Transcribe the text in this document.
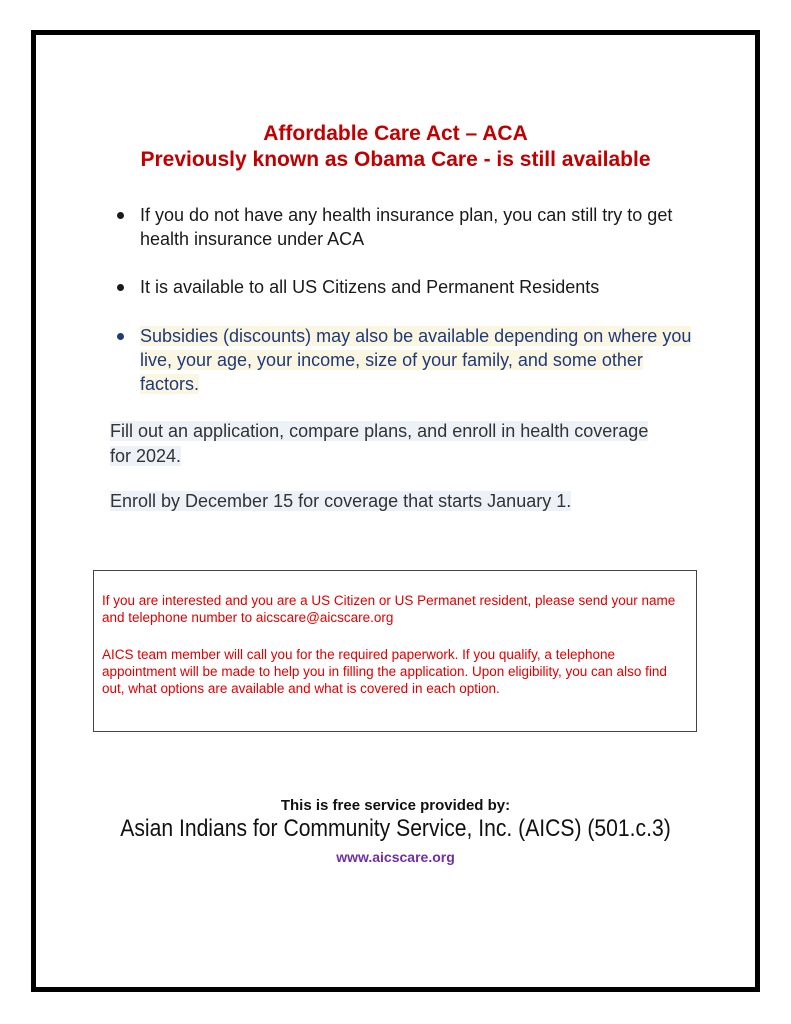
Affordable Care Act – ACA
Previously known as Obama Care - is still available
If you do not have any health insurance plan, you can still try to get health insurance under ACA
It is available to all US Citizens and Permanent Residents
Subsidies (discounts) may also be available depending on where you live, your age, your income, size of your family, and some other factors.
Fill out an application, compare plans, and enroll in health coverage for 2024.
Enroll by December 15 for coverage that starts January 1.

If you are interested and you are a US Citizen or US Permanet resident, please send your name and telephone number to aicscare@aicscare.org

AICS team member will call you for the required paperwork. If you qualify, a telephone appointment will be made to help you in filling the application. Upon eligibility, you can also find out, what options are available and what is covered in each option.

This is free service provided by:
Asian Indians for Community Service, Inc. (AICS) (501.c.3)
www.aicscare.org
